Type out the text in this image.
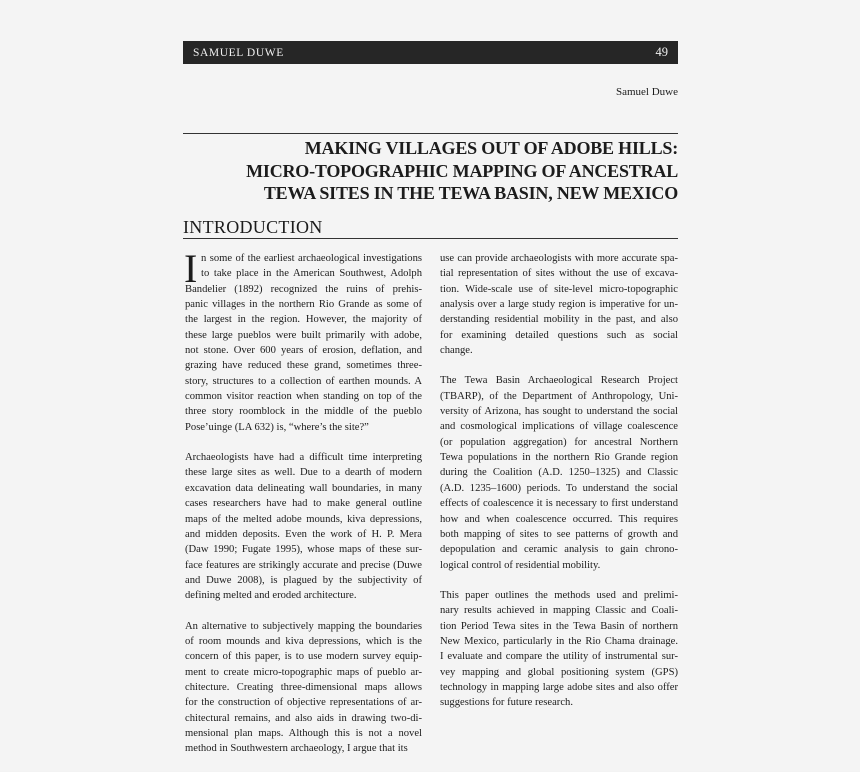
SAMUEL DUWE	49
Samuel Duwe
MAKING VILLAGES OUT OF ADOBE HILLS:
MICRO-TOPOGRAPHIC MAPPING OF ANCESTRAL
TEWA SITES IN THE TEWA BASIN, NEW MEXICO
INTRODUCTION
I n some of the earliest archaeological investigations
to take place in the American Southwest, Adolph
Bandelier (1892) recognized the ruins of prehis-
panic villages in the northern Rio Grande as some of
the largest in the region. However, the majority of
these large pueblos were built primarily with adobe,
not stone. Over 600 years of erosion, deflation, and
grazing have reduced these grand, sometimes three-
story, structures to a collection of earthen mounds. A
common visitor reaction when standing on top of the
three story roomblock in the middle of the pueblo
Pose’uinge (LA 632) is, “where’s the site?”
Archaeologists have had a difficult time interpreting
these large sites as well. Due to a dearth of modern
excavation data delineating wall boundaries, in many
cases researchers have had to make general outline
maps of the melted adobe mounds, kiva depressions,
and midden deposits. Even the work of H. P. Mera
(Daw 1990; Fugate 1995), whose maps of these sur-
face features are strikingly accurate and precise (Duwe
and Duwe 2008), is plagued by the subjectivity of
defining melted and eroded architecture.
An alternative to subjectively mapping the boundaries
of room mounds and kiva depressions, which is the
concern of this paper, is to use modern survey equip-
ment to create micro-topographic maps of pueblo ar-
chitecture. Creating three-dimensional maps allows
for the construction of objective representations of ar-
chitectural remains, and also aids in drawing two-di-
mensional plan maps. Although this is not a novel
method in Southwestern archaeology, I argue that its
use can provide archaeologists with more accurate spa-
tial representation of sites without the use of excava-
tion. Wide-scale use of site-level micro-topographic
analysis over a large study region is imperative for un-
derstanding residential mobility in the past, and also
for examining detailed questions such as social
change.
The Tewa Basin Archaeological Research Project
(TBARP), of the Department of Anthropology, Uni-
versity of Arizona, has sought to understand the social
and cosmological implications of village coalescence
(or population aggregation) for ancestral Northern
Tewa populations in the northern Rio Grande region
during the Coalition (A.D. 1250–1325) and Classic
(A.D. 1235–1600) periods. To understand the social
effects of coalescence it is necessary to first understand
how and when coalescence occurred. This requires
both mapping of sites to see patterns of growth and
depopulation and ceramic analysis to gain chrono-
logical control of residential mobility.
This paper outlines the methods used and prelimi-
nary results achieved in mapping Classic and Coali-
tion Period Tewa sites in the Tewa Basin of northern
New Mexico, particularly in the Rio Chama drainage.
I evaluate and compare the utility of instrumental sur-
vey mapping and global positioning system (GPS)
technology in mapping large adobe sites and also offer
suggestions for future research.
